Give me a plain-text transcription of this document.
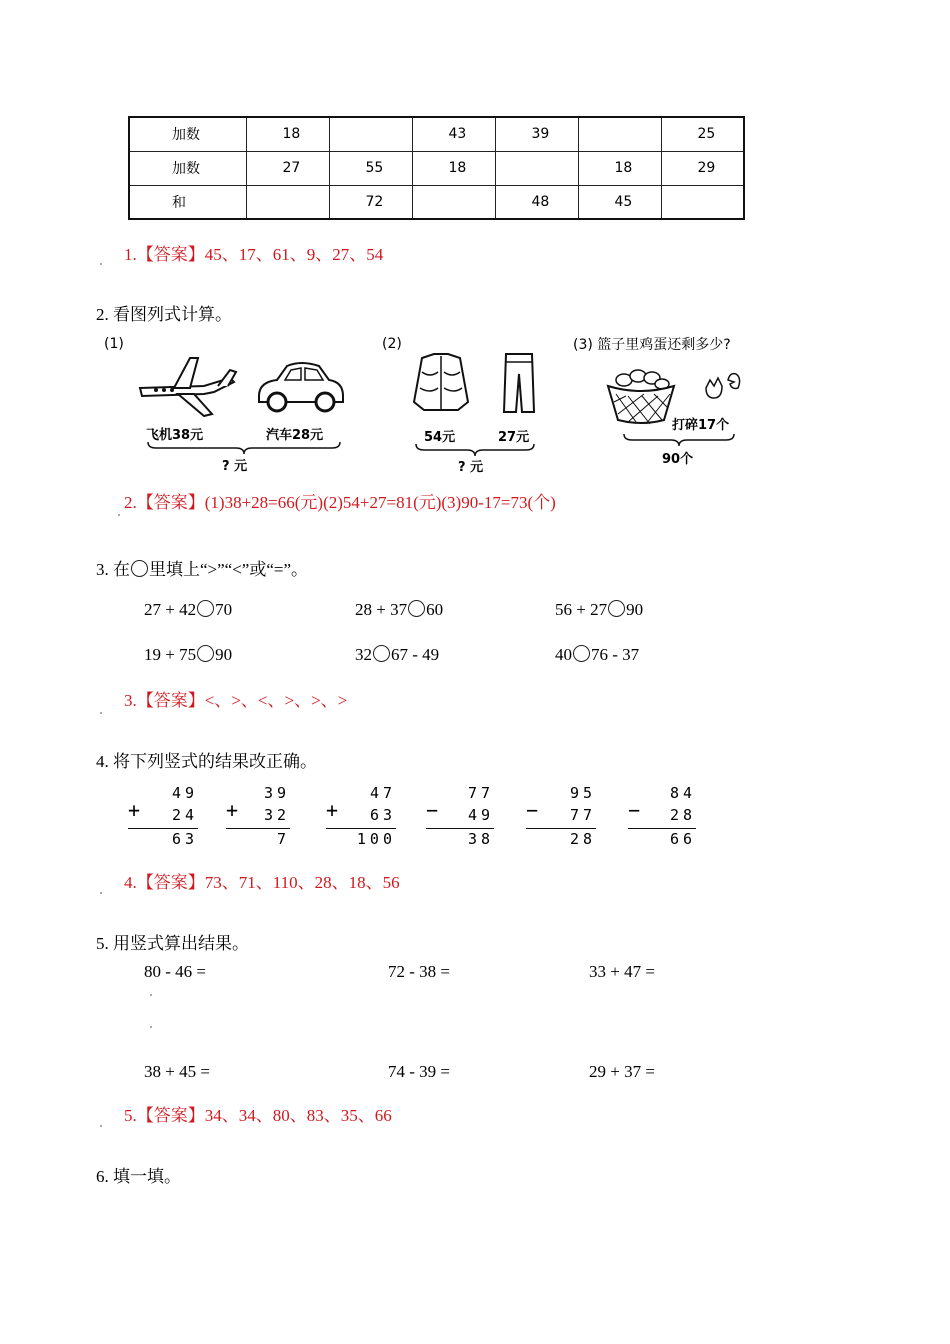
加数	18		43	39		25
加数	27	55	18		18	29
和		72		48	45	
1.【答案】45、17、61、9、27、54
2. 看图列式计算。
(1)
飞机38元	汽车28元
? 元
(2)
54元	27元
? 元
(3) 篮子里鸡蛋还剩多少?
打碎17个
90个
2.【答案】(1)38+28=66(元)(2)54+27=81(元)(3)90-17=73(个)
3. 在 里填上“>”“<”或“=”。
27 + 42 70	28 + 37 60	56 + 27 90
19 + 75 90	32 67 - 49	40 76 - 37
3.【答案】<、>、<、>、>、>
4. 将下列竖式的结果改正确。
49
+	24
63
39
+	32
7
47
+	63
100
77
−	49
38
95
−	77
28
84
−	28
66
4.【答案】73、71、110、28、18、56
5. 用竖式算出结果。
80 - 46 =	72 - 38 =	33 + 47 =
38 + 45 =	74 - 39 =	29 + 37 =
5.【答案】34、34、80、83、35、66
6. 填一填。
